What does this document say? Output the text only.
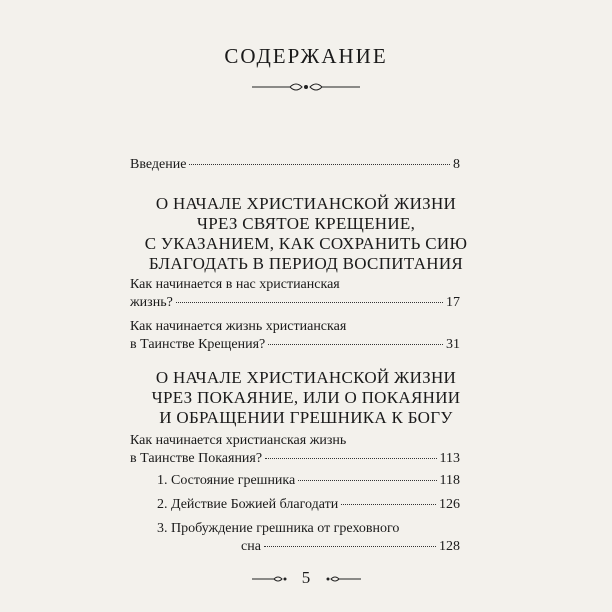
СОДЕРЖАНИЕ
Введение	8
О НАЧАЛЕ ХРИСТИАНСКОЙ ЖИЗНИ
ЧРЕЗ СВЯТОЕ КРЕЩЕНИЕ,
С УКАЗАНИЕМ, КАК СОХРАНИТЬ СИЮ
БЛАГОДАТЬ В ПЕРИОД ВОСПИТАНИЯ
Как начинается в нас христианская
жизнь?	17
Как начинается жизнь христианская
в Таинстве Крещения?	31
О НАЧАЛЕ ХРИСТИАНСКОЙ ЖИЗНИ
ЧРЕЗ ПОКАЯНИЕ, ИЛИ О ПОКАЯНИИ
И ОБРАЩЕНИИ ГРЕШНИКА К БОГУ
Как начинается христианская жизнь
в Таинстве Покаяния?	113
1. Состояние грешника	118
2. Действие Божией благодати	126
3. Пробуждение грешника от греховного
сна	128
5
